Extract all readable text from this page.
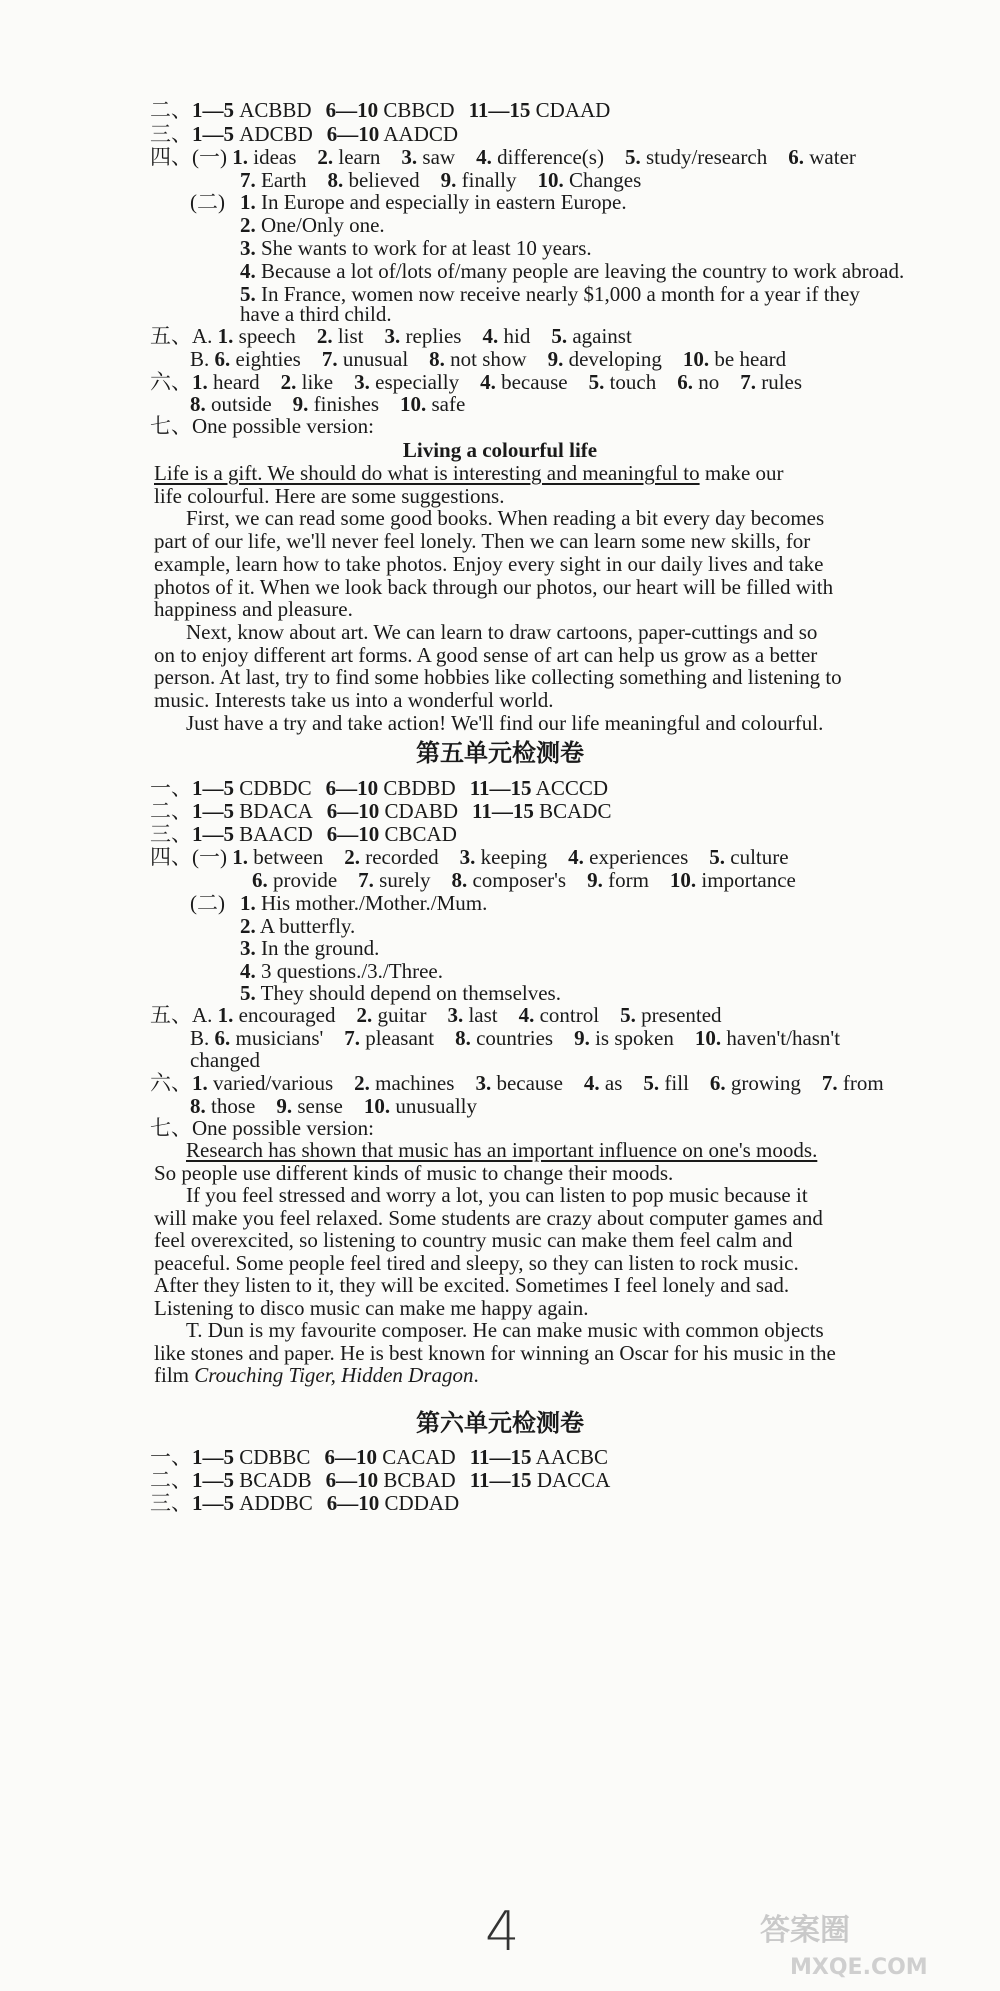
二、1—5 ACBBD 6—10 CBBCD 11—15 CDAAD
三、1—5 ADCBD 6—10 AADCD
四、(一) 1. ideas  2. learn  3. saw  4. differencе(s)  5. study/research  6. water
7. Earth  8. believed  9. finally  10. Changes
(二) 1. In Europe and especially in eastern Europe.
2. One/Only one.
3. She wants to work for at least 10 years.
4. Because a lot of/lots of/many people are leaving the country to work abroad.
5. In France, women now receive nearly $1,000 a month for a year if they
have a third child.
五、A. 1. speech  2. list  3. replies  4. hid  5. against
B. 6. eighties  7. unusual  8. not show  9. developing  10. be heard
六、1. heard  2. like  3. especially  4. because  5. touch  6. no  7. rules
8. outside  9. finishes  10. safe
七、One possible version:
Living a colourful life
Life is a gift. We should do what is interesting and meaningful to make our
life colourful. Here are some suggestions.
First, we can read some good books. When reading a bit every day becomes
part of our life, we'll never feel lonely. Then we can learn some new skills, for
example, learn how to take photos. Enjoy every sight in our daily lives and take
photos of it. When we look back through our photos, our heart will be filled with
happiness and pleasure.
Next, know about art. We can learn to draw cartoons, paper-cuttings and so
on to enjoy different art forms. A good sense of art can help us grow as a better
person. At last, try to find some hobbies like collecting something and listening to
music. Interests take us into a wonderful world.
Just have a try and take action! We'll find our life meaningful and colourful.
第五单元检测卷
一、1—5 CDBDC 6—10 CBDBD 11—15 ACCCD
二、1—5 BDACA 6—10 CDABD 11—15 BCADC
三、1—5 BAACD 6—10 CBCAD
四、(一) 1. between  2. recorded  3. keeping  4. experiences  5. culture
6. provide  7. surely  8. composer's  9. form  10. importance
(二) 1. His mother./Mother./Mum.
2. A butterfly.
3. In the ground.
4. 3 questions./3./Three.
5. They should depend on themselves.
五、A. 1. encouraged  2. guitar  3. last  4. control  5. presented
B. 6. musicians'  7. pleasant  8. countries  9. is spoken  10. haven't/hasn't
changed
六、1. varied/various  2. machines  3. because  4. as  5. fill  6. growing  7. from
8. those  9. sense  10. unusually
七、One possible version:
Research has shown that music has an important influence on one's moods.
So people use different kinds of music to change their moods.
If you feel stressed and worry a lot, you can listen to pop music because it
will make you feel relaxed. Some students are crazy about computer games and
feel overexcited, so listening to country music can make them feel calm and
peaceful. Some people feel tired and sleepy, so they can listen to rock music.
After they listen to it, they will be excited. Sometimes I feel lonely and sad.
Listening to disco music can make me happy again.
T. Dun is my favourite composer. He can make music with common objects
like stones and paper. He is best known for winning an Oscar for his music in the
film Crouching Tiger, Hidden Dragon.
第六单元检测卷
一、1—5 CDBBC 6—10 CACAD 11—15 AACBC
二、1—5 BCADB 6—10 BCBAD 11—15 DACCA
三、1—5 ADDBC 6—10 CDDAD
4	答案圈
MXQE.COM
